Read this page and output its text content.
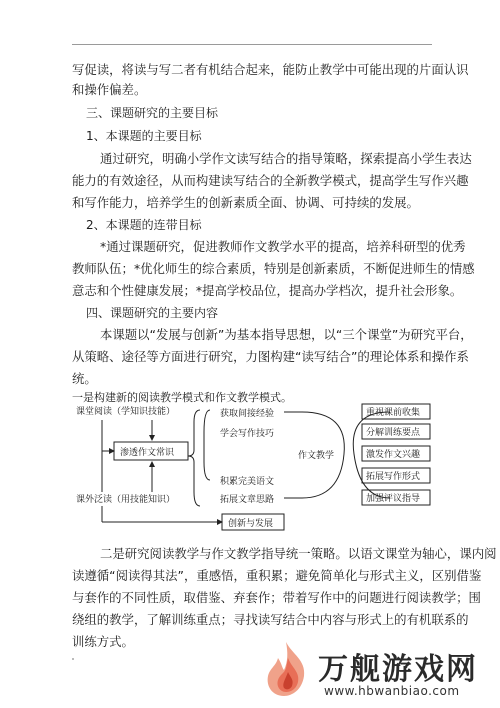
写促读，将读与写二者有机结合起来，能防止教学中可能出现的片面认识
和操作偏差。
三、课题研究的主要目标
1、本课题的主要目标
通过研究，明确小学作文读写结合的指导策略，探索提高小学生表达
能力的有效途径，从而构建读写结合的全新教学模式，提高学生写作兴趣
和写作能力，培养学生的创新素质全面、协调、可持续的发展。
2、本课题的连带目标
*通过课题研究，促进教师作文教学水平的提高，培养科研型的优秀
教师队伍；*优化师生的综合素质，特别是创新素质，不断促进师生的情感
意志和个性健康发展；*提高学校品位，提高办学档次，提升社会形象。
四、课题研究的主要内容
本课题以“发展与创新”为基本指导思想，以“三个课堂”为研究平台，
从策略、途径等方面进行研究，力图构建“读写结合”的理论体系和操作系
统。
一是构建新的阅读教学模式和作文教学模式。
课堂阅读（学知识技能）
渗透作文常识
课外泛读（用技能知识）
获取间接经验
学会写作技巧
积累完美语文
拓展文章思路
创新与发展
作文教学
重视课前收集
分解训练要点
激发作文兴趣
拓展写作形式
加强评议指导
二是研究阅读教学与作文教学指导统一策略。以语文课堂为轴心，课内阅
读遵循“阅读得其法”，重感悟，重积累；避免简单化与形式主义，区别借鉴
与套作的不同性质，取借鉴、弃套作；带着写作中的问题进行阅读教学；围
绕组的教学，了解训练重点；寻找读写结合中内容与形式上的有机联系的
训练方式。
万舰游戏网
www.hbwanbiao.com
